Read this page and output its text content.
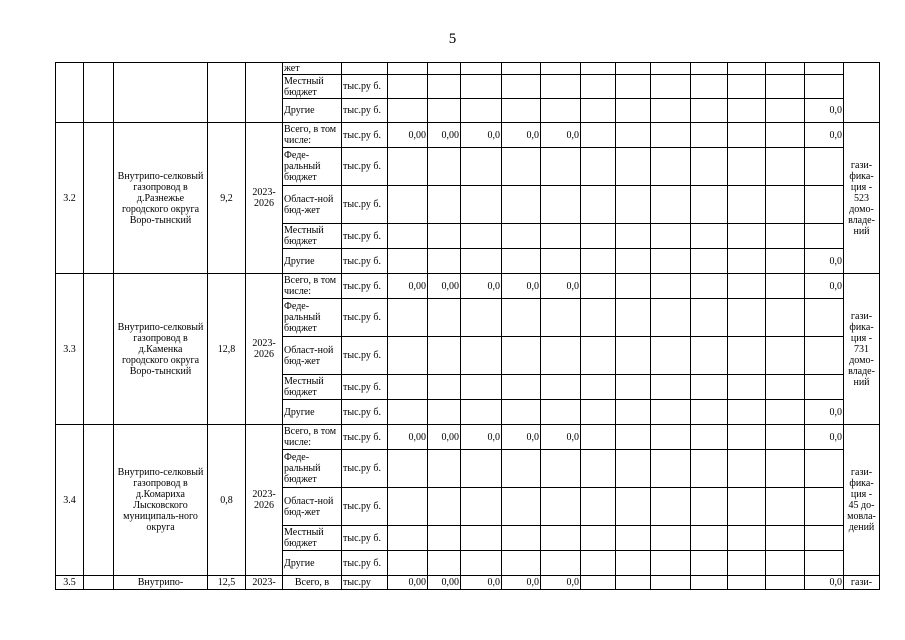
5
					жет														
					Местный бюджет	тыс.ру б.													
					Другие	тыс.ру б.												0,0	
3.2		Внутрипо-селковый газопровод в д.Разнежье городского округа Воро-тынский	9,2	2023-2026	Всего, в том числе:	тыс.ру б.	0,00	0,00	0,0	0,0	0,0							0,0	гази-фика-ция - 523 домо-владе-ний
					Феде-ральный бюджет	тыс.ру б.													
					Област-ной бюд-жет	тыс.ру б.													
					Местный бюджет	тыс.ру б.													
					Другие	тыс.ру б.												0,0	
3.3		Внутрипо-селковый газопровод в д.Каменка городского округа Воро-тынский	12,8	2023-2026	Всего, в том числе:	тыс.ру б.	0,00	0,00	0,0	0,0	0,0							0,0	гази-фика-ция - 731 домо-владе-ний
					Феде-ральный бюджет	тыс.ру б.													
					Област-ной бюд-жет	тыс.ру б.													
					Местный бюджет	тыс.ру б.													
					Другие	тыс.ру б.												0,0	
3.4		Внутрипо-селковый газопровод в д.Комариха Лысковского муниципаль-ного округа	0,8	2023-2026	Всего, в том числе:	тыс.ру б.	0,00	0,00	0,0	0,0	0,0							0,0	гази-фика-ция - 45 до-мовла-дений
					Феде-ральный бюджет	тыс.ру б.													
					Област-ной бюд-жет	тыс.ру б.													
					Местный бюджет	тыс.ру б.													
					Другие	тыс.ру б.													
3.5		Внутрипо-	12,5	2023-	Всего, в	тыс.ру	0,00	0,00	0,0	0,0	0,0							0,0	гази-
